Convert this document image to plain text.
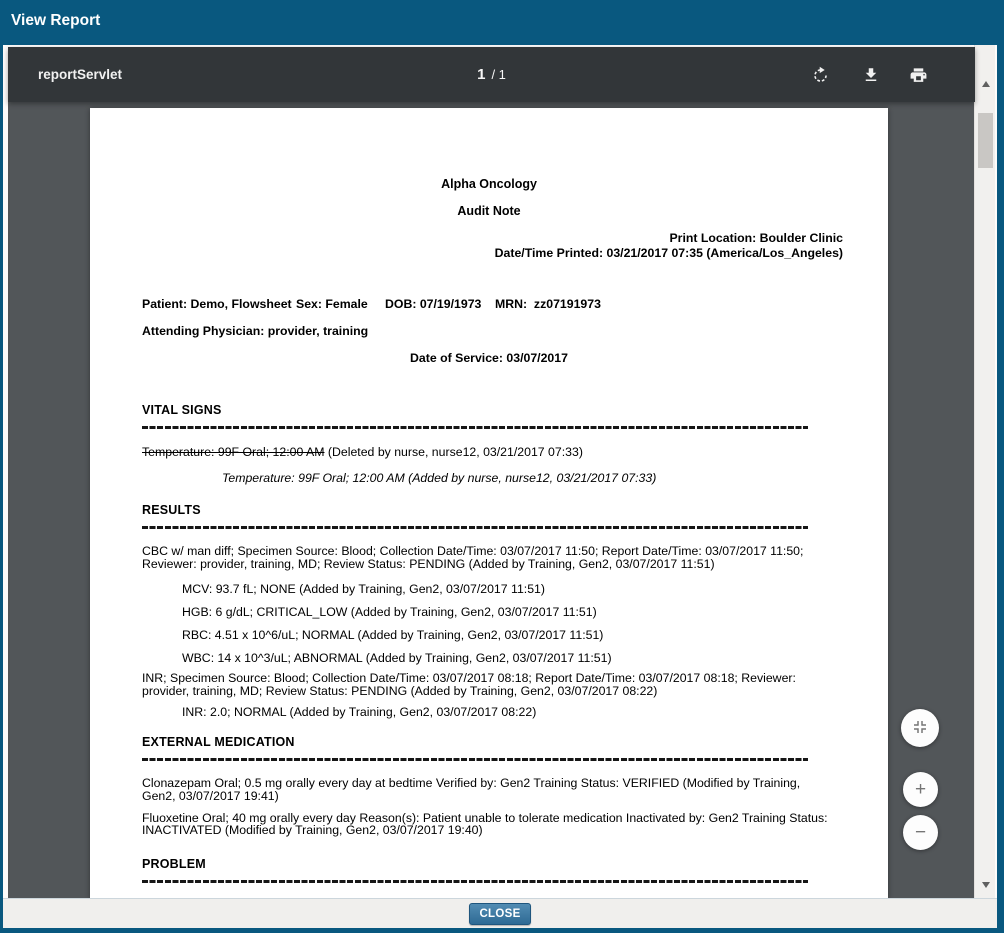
View Report
reportServlet	1 / 1
Alpha Oncology
Audit Note
Print Location: Boulder Clinic
Date/Time Printed: 03/21/2017 07:35 (America/Los_Angeles)

Patient: Demo, Flowsheet

Sex: Female

DOB: 07/19/1973

MRN:  zz07191973

Attending Physician: provider, training
Date of Service: 03/07/2017
VITAL SIGNS
Temperature: 99F Oral; 12:00 AM (Deleted by nurse, nurse12, 03/21/2017 07:33)
Temperature: 99F Oral; 12:00 AM (Added by nurse, nurse12, 03/21/2017 07:33)
RESULTS
CBC w/ man diff; Specimen Source: Blood; Collection Date/Time: 03/07/2017 11:50; Report Date/Time: 03/07/2017 11:50; Reviewer: provider, training, MD; Review Status: PENDING (Added by Training, Gen2, 03/07/2017 11:51)
MCV: 93.7 fL; NONE (Added by Training, Gen2, 03/07/2017 11:51)
HGB: 6 g/dL; CRITICAL_LOW (Added by Training, Gen2, 03/07/2017 11:51)
RBC: 4.51 x 10^6/uL; NORMAL (Added by Training, Gen2, 03/07/2017 11:51)
WBC: 14 x 10^3/uL; ABNORMAL (Added by Training, Gen2, 03/07/2017 11:51)
INR; Specimen Source: Blood; Collection Date/Time: 03/07/2017 08:18; Report Date/Time: 03/07/2017 08:18; Reviewer: provider, training, MD; Review Status: PENDING (Added by Training, Gen2, 03/07/2017 08:22)
INR: 2.0; NORMAL (Added by Training, Gen2, 03/07/2017 08:22)
EXTERNAL MEDICATION
Clonazepam Oral; 0.5 mg orally every day at bedtime Verified by: Gen2 Training Status: VERIFIED (Modified by Training, Gen2, 03/07/2017 19:41)
Fluoxetine Oral; 40 mg orally every day Reason(s): Patient unable to tolerate medication Inactivated by: Gen2 Training Status: INACTIVATED (Modified by Training, Gen2, 03/07/2017 19:40)
PROBLEM
+
−
CLOSE
